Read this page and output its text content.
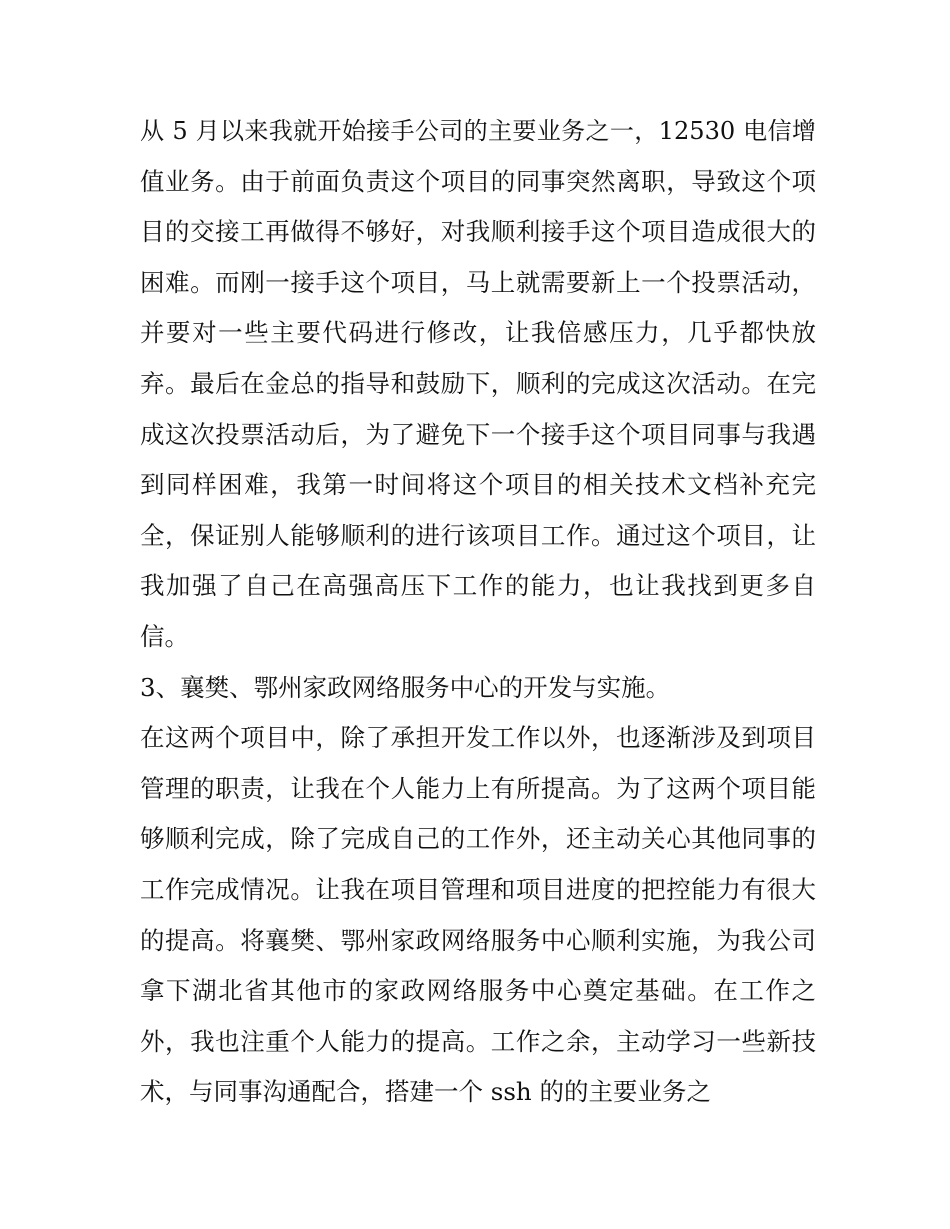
从 5 月以来我就开始接手公司的主要业务之一，12530 电信增
值业务。由于前面负责这个项目的同事突然离职，导致这个项
目的交接工再做得不够好，对我顺利接手这个项目造成很大的
困难。而刚一接手这个项目，马上就需要新上一个投票活动，
并要对一些主要代码进行修改，让我倍感压力，几乎都快放
弃。最后在金总的指导和鼓励下，顺利的完成这次活动。在完
成这次投票活动后，为了避免下一个接手这个项目同事与我遇
到同样困难，我第一时间将这个项目的相关技术文档补充完
全，保证别人能够顺利的进行该项目工作。通过这个项目，让
我加强了自己在高强高压下工作的能力，也让我找到更多自
信。
3、襄樊、鄂州家政网络服务中心的开发与实施。
在这两个项目中，除了承担开发工作以外，也逐渐涉及到项目
管理的职责，让我在个人能力上有所提高。为了这两个项目能
够顺利完成，除了完成自己的工作外，还主动关心其他同事的
工作完成情况。让我在项目管理和项目进度的把控能力有很大
的提高。将襄樊、鄂州家政网络服务中心顺利实施，为我公司
拿下湖北省其他市的家政网络服务中心奠定基础。在工作之
外，我也注重个人能力的提高。工作之余，主动学习一些新技
术，与同事沟通配合，搭建一个 ssh 的的主要业务之
